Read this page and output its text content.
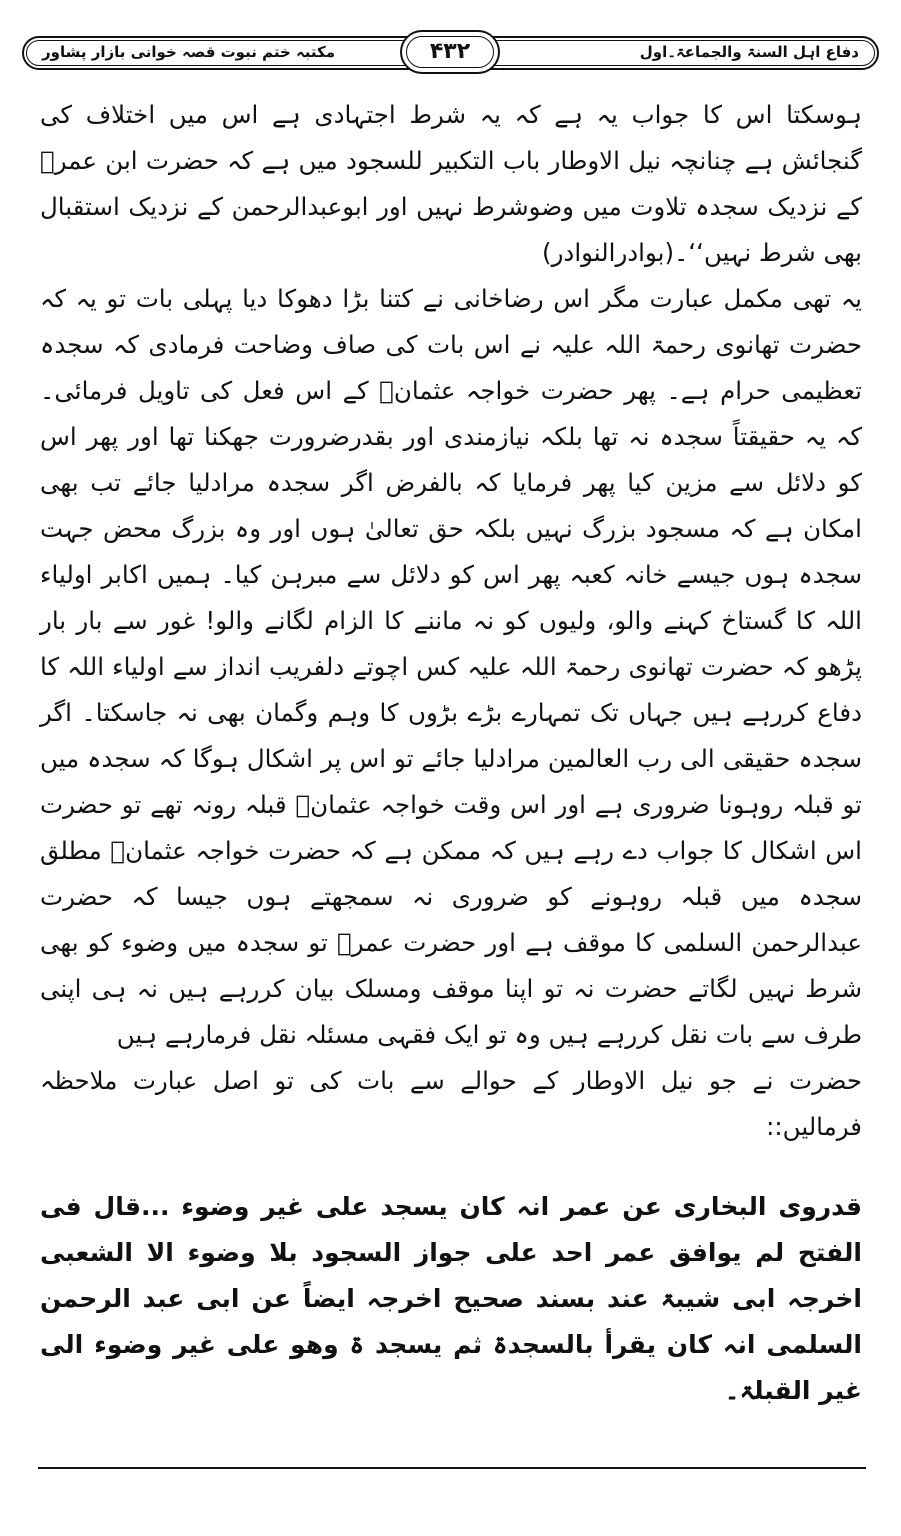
دفاع اہل السنۃ والجماعۃ۔اول
مکتبہ ختم نبوت قصہ خوانی بازار پشاور	۴۳۲

ہوسکتا اس کا جواب یہ ہے کہ یہ شرط اجتہادی ہے اس میں اختلاف کی گنجائش ہے چنانچہ نیل الاوطار باب التکبیر للسجود میں ہے کہ حضرت ابن عمرؓ کے نزدیک سجدہ تلاوت میں وضوشرط نہیں اور ابوعبدالرحمن کے نزدیک استقبال بھی شرط نہیں‘‘۔(بوادرالنوادر)

یہ تھی مکمل عبارت مگر اس رضاخانی نے کتنا بڑا دھوکا دیا پہلی بات تو یہ کہ حضرت تھانوی رحمۃ اللہ علیہ نے اس بات کی صاف وضاحت فرمادی کہ سجدہ تعظیمی حرام ہے۔ پھر حضرت خواجہ عثمانؒ کے اس فعل کی تاویل فرمائی۔ کہ یہ حقیقتاً سجدہ نہ تھا بلکہ نیازمندی اور بقدرضرورت جھکنا تھا اور پھر اس کو دلائل سے مزین کیا پھر فرمایا کہ بالفرض اگر سجدہ مرادلیا جائے تب بھی امکان ہے کہ مسجود بزرگ نہیں بلکہ حق تعالیٰ ہوں اور وہ بزرگ محض جہت سجدہ ہوں جیسے خانہ کعبہ پھر اس کو دلائل سے مبرہن کیا۔ ہمیں اکابر اولیاء اللہ کا گستاخ کہنے والو، ولیوں کو نہ ماننے کا الزام لگانے والو! غور سے بار بار پڑھو کہ حضرت تھانوی رحمۃ اللہ علیہ کس اچوتے دلفریب انداز سے اولیاء اللہ کا دفاع کررہے ہیں جہاں تک تمہارے بڑے بڑوں کا وہم وگمان بھی نہ جاسکتا۔ اگر سجدہ حقیقی الی رب العالمین مرادلیا جائے تو اس پر اشکال ہوگا کہ سجدہ میں تو قبلہ روہونا ضروری ہے اور اس وقت خواجہ عثمانؒ قبلہ رونہ تھے تو حضرت اس اشکال کا جواب دے رہے ہیں کہ ممکن ہے کہ حضرت خواجہ عثمانؒ مطلق سجدہ میں قبلہ روہونے کو ضروری نہ سمجھتے ہوں جیسا کہ حضرت عبدالرحمن السلمی کا موقف ہے اور حضرت عمرؓ تو سجدہ میں وضوء کو بھی شرط نہیں لگاتے حضرت نہ تو اپنا موقف ومسلک بیان کررہے ہیں نہ ہی اپنی طرف سے بات نقل کررہے ہیں وہ تو ایک فقہی مسئلہ نقل فرمارہے ہیں

حضرت نے جو نیل الاوطار کے حوالے سے بات کی تو اصل عبارت ملاحظہ فرمالیں::

قدروی البخاری عن عمر انہ کان یسجد علی غیر وضوء ...قال فی الفتح لم یوافق عمر احد علی جواز السجود بلا وضوء الا الشعبی اخرجہ ابی شیبۃ عند بسند صحیح اخرجہ ایضاً عن ابی عبد الرحمن السلمی انہ کان یقرأ بالسجدۃ ثم یسجد ۃ وھو علی غیر وضوء الی غیر القبلۃ۔
